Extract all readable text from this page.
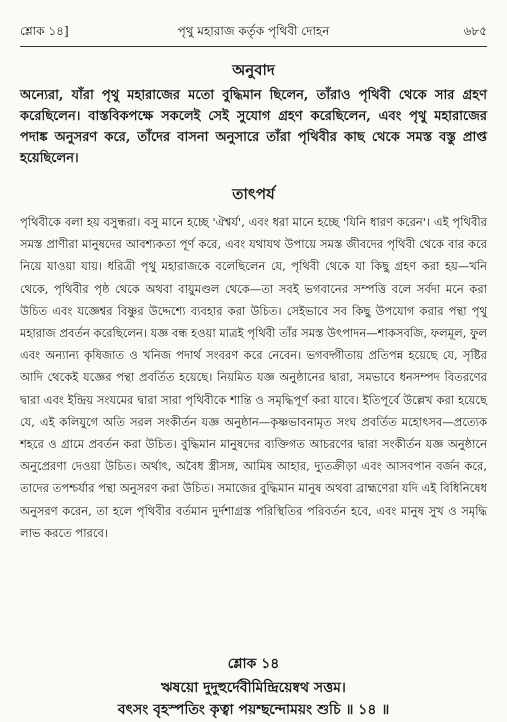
শ্লোক ১৪]	পৃথু মহারাজ কর্তৃক পৃথিবী দোহন	৬৮৫
অনুবাদ
অন্যেরা, যাঁরা পৃথু মহারাজের মতো বুদ্ধিমান ছিলেন, তাঁরাও পৃথিবী থেকে সার গ্রহণ করেছিলেন। বাস্তবিকপক্ষে সকলেই সেই সুযোগ গ্রহণ করেছিলেন, এবং পৃথু মহারাজের পদাঙ্ক অনুসরণ করে, তাঁদের বাসনা অনুসারে তাঁরা পৃথিবীর কাছ থেকে সমস্ত বস্তু প্রাপ্ত হয়েছিলেন।
তাৎপর্য
পৃথিবীকে বলা হয় বসুন্ধরা। বসু মানে হচ্ছে 'ঐশ্বর্য', এবং ধরা মানে হচ্ছে 'যিনি ধারণ করেন'। এই পৃথিবীর সমস্ত প্রাণীরা মানুষদের আবশ্যকতা পূর্ণ করে, এবং যথাযথ উপায়ে সমস্ত জীবদের পৃথিবী থেকে বার করে নিয়ে যাওয়া যায়। ধরিত্রী পৃথু মহারাজকে বলেছিলেন যে, পৃথিবী থেকে যা কিছু গ্রহণ করা হয়—খনি থেকে, পৃথিবীর পৃষ্ঠ থেকে অথবা বায়ুমণ্ডল থেকে—তা সবই ভগবানের সম্পত্তি বলে সর্বদা মনে করা উচিত এবং যজ্ঞেশ্বর বিষ্ণুর উদ্দেশ্যে ব্যবহার করা উচিত। সেইভাবে সব কিছু উপযোগ করার পন্থা পৃথু মহারাজ প্রবর্তন করেছিলেন। যজ্ঞ বন্ধ হওয়া মাত্রই পৃথিবী তাঁর সমস্ত উৎপাদন—শাকসবজি, ফলমূল, ফুল এবং অন্যান্য কৃষিজাত ও খনিজ পদার্থ সংবরণ করে নেবেন। ভগবদ্গীতায় প্রতিপন্ন হয়েছে যে, সৃষ্টির আদি থেকেই যজ্ঞের পন্থা প্রবর্তিত হয়েছে। নিয়মিত যজ্ঞ অনুষ্ঠানের দ্বারা, সমভাবে ধনসম্পদ বিতরণের দ্বারা এবং ইন্দ্রিয় সংযমের দ্বারা সারা পৃথিবীকে শান্তি ও সমৃদ্ধিপূর্ণ করা যাবে। ইতিপূর্বে উল্লেখ করা হয়েছে যে, এই কলিযুগে অতি সরল সংকীর্তন যজ্ঞ অনুষ্ঠান—কৃষ্ণভাবনামৃত সংঘ প্রবর্তিত মহোৎসব—প্রত্যেক শহরে ও গ্রামে প্রবর্তন করা উচিত। বুদ্ধিমান মানুষদের ব্যক্তিগত আচরণের দ্বারা সংকীর্তন যজ্ঞ অনুষ্ঠানে অনুপ্রেরণা দেওয়া উচিত। অর্থাৎ, অবৈধ স্ত্রীসঙ্গ, আমিষ আহার, দ্যুতক্রীড়া এবং আসবপান বর্জন করে, তাদের তপশ্চর্যার পন্থা অনুসরণ করা উচিত। সমাজের বুদ্ধিমান মানুষ অথবা ব্রাহ্মণেরা যদি এই বিধিনিষেধ অনুসরণ করেন, তা হলে পৃথিবীর বর্তমান দুর্দশাগ্রস্ত পরিস্থিতির পরিবর্তন হবে, এবং মানুষ সুখ ও সমৃদ্ধি লাভ করতে পারবে।
শ্লোক ১৪
ঋষয়ো দুদুহুর্দেবীমিন্দ্রিয়েষ্বথ সত্তম।
বৎসং বৃহস্পতিং কৃত্বা পয়শ্ছন্দোময়ং শুচি ॥ ১৪ ॥
